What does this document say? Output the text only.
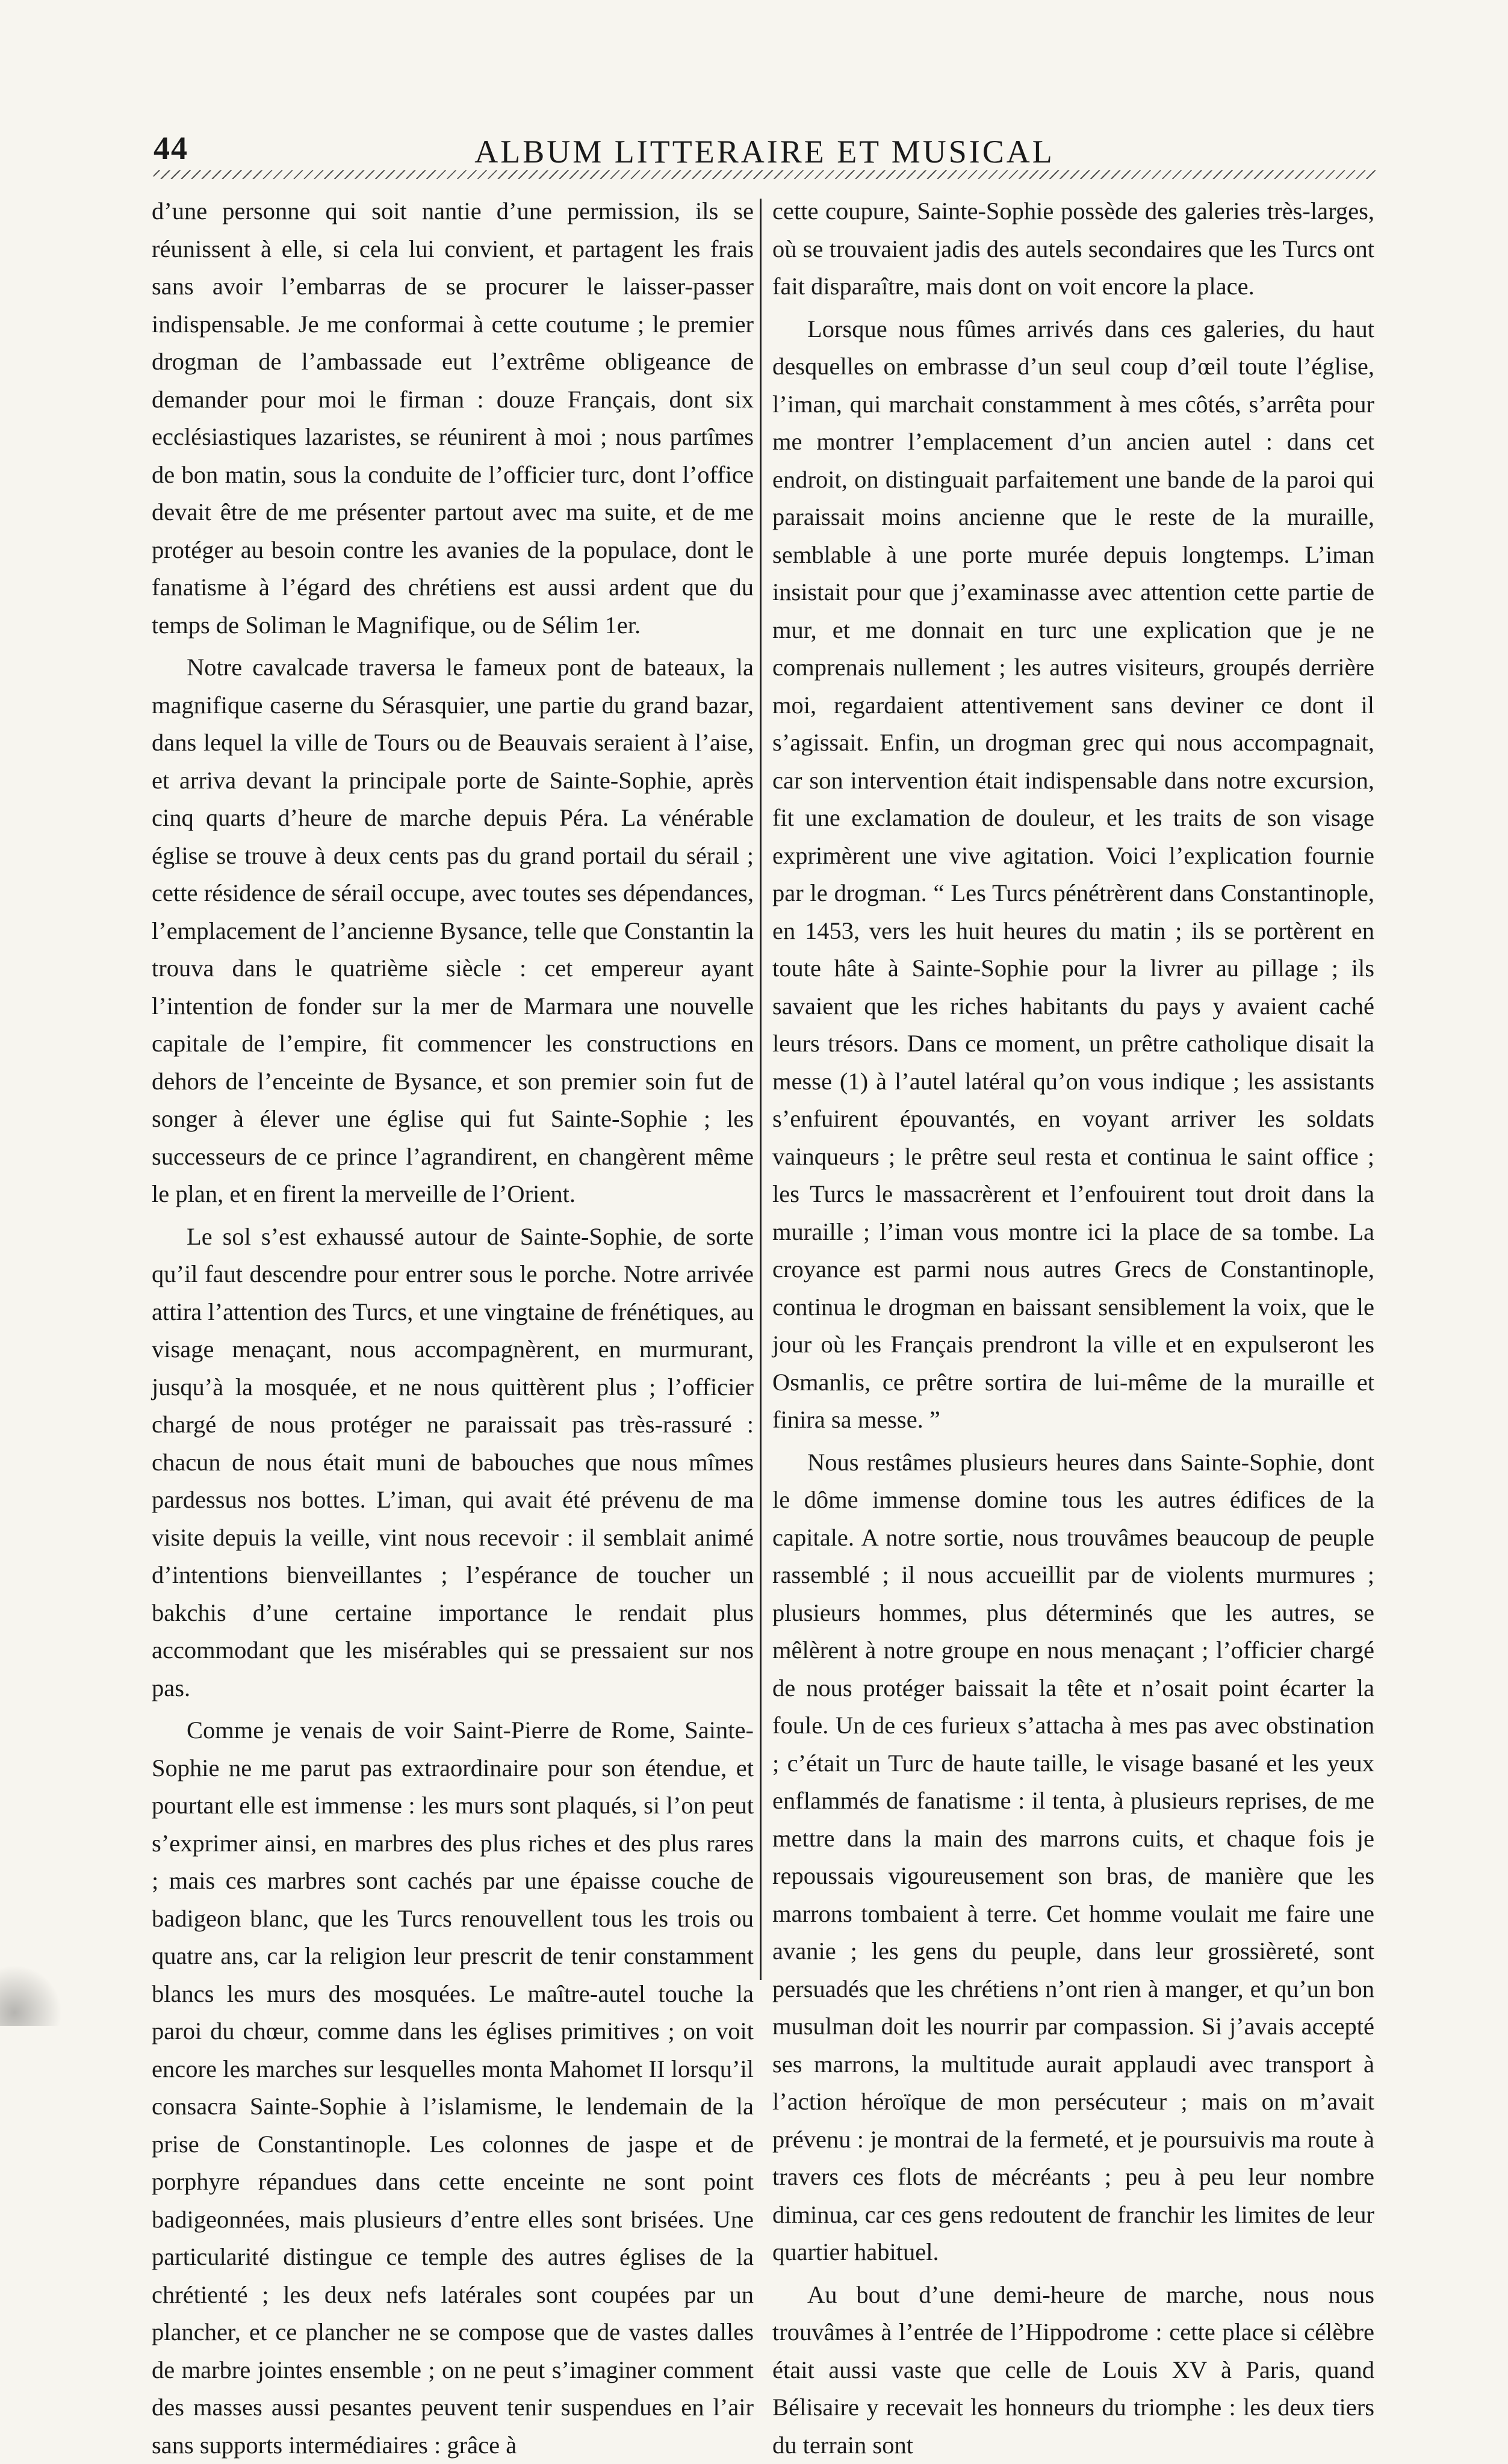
44	ALBUM LITTERAIRE ET MUSICAL

d’une personne qui soit nantie d’une permission, ils se réunissent à elle, si cela lui convient, et partagent les frais sans avoir l’embarras de se procurer le laisser-passer indispensable. Je me conformai à cette coutume ; le premier drogman de l’ambassade eut l’extrême obligeance de demander pour moi le firman : douze Français, dont six ecclésiastiques lazaristes, se réunirent à moi ; nous partîmes de bon matin, sous la conduite de l’officier turc, dont l’office devait être de me présenter partout avec ma suite, et de me protéger au besoin contre les avanies de la populace, dont le fanatisme à l’égard des chrétiens est aussi ardent que du temps de Soliman le Magnifique, ou de Sélim 1er.

Notre cavalcade traversa le fameux pont de bateaux, la magnifique caserne du Sérasquier, une partie du grand bazar, dans lequel la ville de Tours ou de Beauvais seraient à l’aise, et arriva devant la principale porte de Sainte-Sophie, après cinq quarts d’heure de marche depuis Péra. La vénérable église se trouve à deux cents pas du grand portail du sérail ; cette résidence de sérail occupe, avec toutes ses dépendances, l’emplacement de l’ancienne Bysance, telle que Constantin la trouva dans le quatrième siècle : cet empereur ayant l’intention de fonder sur la mer de Marmara une nouvelle capitale de l’empire, fit commencer les constructions en dehors de l’enceinte de Bysance, et son premier soin fut de songer à élever une église qui fut Sainte-Sophie ; les successeurs de ce prince l’agrandirent, en changèrent même le plan, et en firent la merveille de l’Orient.

Le sol s’est exhaussé autour de Sainte-Sophie, de sorte qu’il faut descendre pour entrer sous le porche. Notre arrivée attira l’attention des Turcs, et une vingtaine de frénétiques, au visage menaçant, nous accompagnèrent, en murmurant, jusqu’à la mosquée, et ne nous quittèrent plus ; l’officier chargé de nous protéger ne paraissait pas très-rassuré : chacun de nous était muni de babouches que nous mîmes pardessus nos bottes. L’iman, qui avait été prévenu de ma visite depuis la veille, vint nous recevoir : il semblait animé d’intentions bienveillantes ; l’espérance de toucher un bakchis d’une certaine importance le rendait plus accommodant que les misérables qui se pressaient sur nos pas.

Comme je venais de voir Saint-Pierre de Rome, Sainte-Sophie ne me parut pas extraordinaire pour son étendue, et pourtant elle est immense : les murs sont plaqués, si l’on peut s’exprimer ainsi, en marbres des plus riches et des plus rares ; mais ces marbres sont cachés par une épaisse couche de badigeon blanc, que les Turcs renouvellent tous les trois ou quatre ans, car la religion leur prescrit de tenir constamment blancs les murs des mosquées. Le maître-autel touche la paroi du chœur, comme dans les églises primitives ; on voit encore les marches sur lesquelles monta Mahomet II lorsqu’il consacra Sainte-Sophie à l’islamisme, le lendemain de la prise de Constantinople. Les colonnes de jaspe et de porphyre répandues dans cette enceinte ne sont point badigeonnées, mais plusieurs d’entre elles sont brisées. Une particularité distingue ce temple des autres églises de la chrétienté ; les deux nefs latérales sont coupées par un plancher, et ce plancher ne se compose que de vastes dalles de marbre jointes ensemble ; on ne peut s’imaginer comment des masses aussi pesantes peuvent tenir suspendues en l’air sans supports intermédiaires : grâce à

cette coupure, Sainte-Sophie possède des galeries très-larges, où se trouvaient jadis des autels secondaires que les Turcs ont fait disparaître, mais dont on voit encore la place.

Lorsque nous fûmes arrivés dans ces galeries, du haut desquelles on embrasse d’un seul coup d’œil toute l’église, l’iman, qui marchait constamment à mes côtés, s’arrêta pour me montrer l’emplacement d’un ancien autel : dans cet endroit, on distinguait parfaitement une bande de la paroi qui paraissait moins ancienne que le reste de la muraille, semblable à une porte murée depuis longtemps. L’iman insistait pour que j’examinasse avec attention cette partie de mur, et me donnait en turc une explication que je ne comprenais nullement ; les autres visiteurs, groupés derrière moi, regardaient attentivement sans deviner ce dont il s’agissait. Enfin, un drogman grec qui nous accompagnait, car son intervention était indispensable dans notre excursion, fit une exclamation de douleur, et les traits de son visage exprimèrent une vive agitation. Voici l’explication fournie par le drogman. “ Les Turcs pénétrèrent dans Constantinople, en 1453, vers les huit heures du matin ; ils se portèrent en toute hâte à Sainte-Sophie pour la livrer au pillage ; ils savaient que les riches habitants du pays y avaient caché leurs trésors. Dans ce moment, un prêtre catholique disait la messe (1) à l’autel latéral qu’on vous indique ; les assistants s’enfuirent épouvantés, en voyant arriver les soldats vainqueurs ; le prêtre seul resta et continua le saint office ; les Turcs le massacrèrent et l’enfouirent tout droit dans la muraille ; l’iman vous montre ici la place de sa tombe. La croyance est parmi nous autres Grecs de Constantinople, continua le drogman en baissant sensiblement la voix, que le jour où les Français prendront la ville et en expulseront les Osmanlis, ce prêtre sortira de lui-même de la muraille et finira sa messe. ”

Nous restâmes plusieurs heures dans Sainte-Sophie, dont le dôme immense domine tous les autres édifices de la capitale. A notre sortie, nous trouvâmes beaucoup de peuple rassemblé ; il nous accueillit par de violents murmures ; plusieurs hommes, plus déterminés que les autres, se mêlèrent à notre groupe en nous menaçant ; l’officier chargé de nous protéger baissait la tête et n’osait point écarter la foule. Un de ces furieux s’attacha à mes pas avec obstination ; c’était un Turc de haute taille, le visage basané et les yeux enflammés de fanatisme : il tenta, à plusieurs reprises, de me mettre dans la main des marrons cuits, et chaque fois je repoussais vigoureusement son bras, de manière que les marrons tombaient à terre. Cet homme voulait me faire une avanie ; les gens du peuple, dans leur grossièreté, sont persuadés que les chrétiens n’ont rien à manger, et qu’un bon musulman doit les nourrir par compassion. Si j’avais accepté ses marrons, la multitude aurait applaudi avec transport à l’action héroïque de mon persécuteur ; mais on m’avait prévenu : je montrai de la fermeté, et je poursuivis ma route à travers ces flots de mécréants ; peu à peu leur nombre diminua, car ces gens redoutent de franchir les limites de leur quartier habituel.

Au bout d’une demi-heure de marche, nous nous trouvâmes à l’entrée de l’Hippodrome : cette place si célèbre était aussi vaste que celle de Louis XV à Paris, quand Bélisaire y recevait les honneurs du triomphe : les deux tiers du terrain sont
